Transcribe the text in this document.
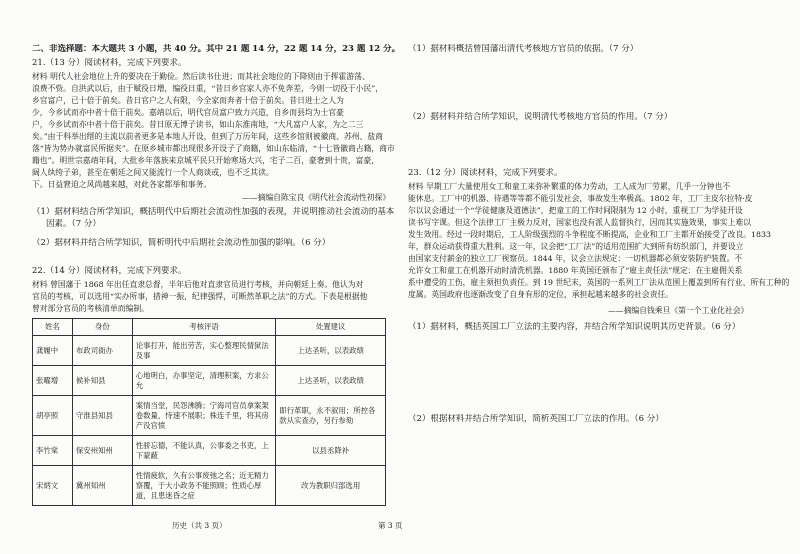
二、非选择题：本大题共 3 小题，共 40 分。其中 21 题 14 分，22 题 14 分，23 题 12 分。
21.（13 分）阅读材料，完成下列要求。
材料 明代人社会地位上升的要决在于勤俭。然后读书仕进；而其社会地位的下降则由于挥霍游荡、
浪费不赀。自洪武以后，由于赋役日增，编役日重，“昔日乡官家人亦不免奔差，今则一切役于小民”，
乡官富户，已十倍于前矣。昔日官户之人有限，今全家而奔者十倍于前矣。昔日进士之人为
少，今乡试而亦中者十倍于前矣。嘉靖以后，明代官员富户致力兴造，自乡而县均为士官豪
户，今乡试而亦中者十倍于前矣。昔日原无博子读书，如山东淮南地，“大凡富户人家，为之二三
矣。”由于科举出缙的主流以前者更多是本地人开设，但到了万历年间，这些乡馆则被徽商、苏州、盐商
落“皆为势办就富民所据夹”。在原乡城市都出现很多开设子了商籍，如山东临清，“十七皆徽商占籍，商市
籍也”。明世宗嘉靖年间，大批乡年落族来京城平民只开始寒场大兴，宅子二百，豪奢到十贵，富豪，
阔人纨绔子弟，甚至在朝廷之间又能流行一个人商谈或，也不乏其读。
下。日益窘迫之风尚越来越，对此各家都举和事务。
——摘编自陈宝良《明代社会流动性初探》
（1）据材料结合所学知识，概括明代中后期社会流动性加强的表现，并说明推动社会流动的基本
因素。（7 分）
（2）据材料并结合所学知识，简析明代中后期社会流动性加强的影响。（6 分）
22.（14 分）阅读材料，完成下列要求。
材料 曾国藩于 1868 年出任直隶总督，半年后他对直隶官员进行考核，并向朝廷上奏。他认为对
官员的考核，可以选用“实办所事，措神一振，纪律强悍，可断然革职之法”的方式。下表是根据他
曾对部分官员的考核清单而编制。
姓名	身份	考核评语	处置建议
龚履中	布政司衙办	论事打开，能出劳苦，实心整理民情狱法及事	上达圣听，以表政绩
张曜增	候补知县	心地明白，办事坚定，清理积案，方求公允	上达圣听，以表政绩
胡亭照	守淮县知县	案情当堂，民怨沸腾；宁海司官员拿案架卷数量，恃速不展职；株连千里，将其房产没官愤	即行革职，永不叙用；所控各款从实查办，另行参劾
李竹棠	保安州知州	性骄忘德，不能认真，公事委之书吏，上下蒙蔽	以县丞降补
宋炳文	冀州知州	性情疲软，久有公事废弛之名；近无精力察覆，于大小政务不能照顾；性质心厚道，且患迷昏之症	改为教职归部选用
历史（共 3 页）
（1）据材料概括曾国藩出清代考核地方官员的依据。（7 分）
（2）据材料并结合所学知识，说明清代考核地方官员的作用。（7 分）
23.（12 分）阅读材料，完成下列要求。
材料 早期工厂大量使用女工和童工来弥补繁重的体力劳动，工人成为厂劳累，几乎一分钟也不
能休息。工厂中的机器、待遇等等都不能引发社会，事故发生率极高。1802 年，工厂主皮尔拉特·皮
尔以议会通过一个“学徒健康及道德法”，把童工的工作时间限制为 12 小时，重视工厂为学徒开设
读书写字课。但这个法律工厂主极力反对，国家也没有派人监督执行，因而其实施效果，事实上难以
发生效用。经过一段时期后，工人阶级强烈的斗争程度不断提高，企业和工厂主都开始接受了改良。1833
年，群众运动获得重大胜利。这一年，议会把“工厂法”的适用范围扩大到所有纺织部门，并要设立
由国家支付薪金的独立工厂视察员。1844 年，议会立法规定：一切机器都必须安装防护装置。不
允许女工和童工在机器开动时清洗机器。1880 年英国还颁布了“雇主责任法”规定：在主雇佣关系
系中遭受的工伤，雇主须担负责任。到 19 世纪末，英国的一系列工厂法从范围上覆盖到所有行业、所有工种的
度属。英国政府也逐渐改变了自身有形的定位，承担起越来越多的社会责任。
——摘编自钱乘旦《第一个工业化社会》
（1）据材料，概括英国工厂立法的主要内容，并结合所学知识说明其历史背景。（6 分）
（2）根据材料并结合所学知识，简析英国工厂立法的作用。（6 分）
第 3 页
